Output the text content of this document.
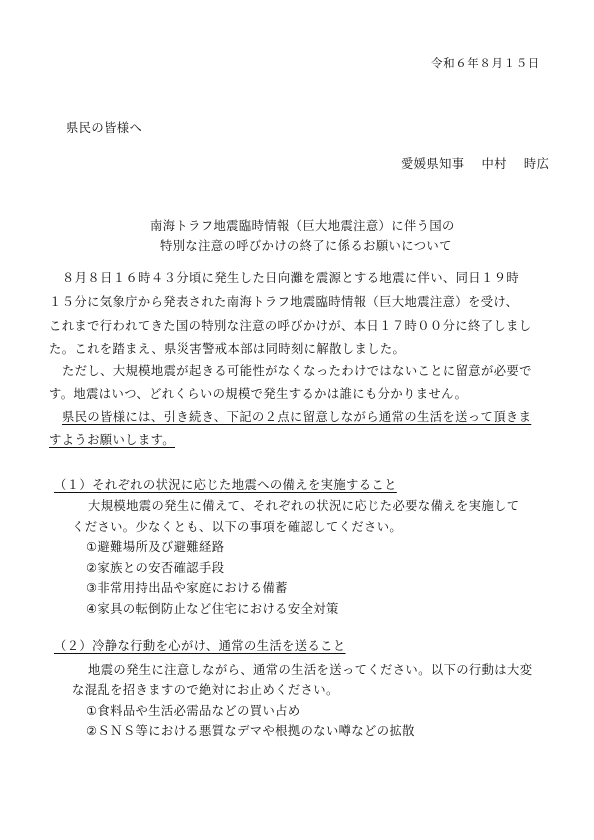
令和６年８月１５日
県民の皆様へ
愛媛県知事　 中村 　時広
南海トラフ地震臨時情報（巨大地震注意）に伴う国の
特別な注意の呼びかけの終了に係るお願いについて
８月８日１６時４３分頃に発生した日向灘を震源とする地震に伴い、同日１９時
１５分に気象庁から発表された南海トラフ地震臨時情報（巨大地震注意）を受け、
これまで行われてきた国の特別な注意の呼びかけが、本日１７時００分に終了しまし
た。これを踏まえ、県災害警戒本部は同時刻に解散しました。
ただし、大規模地震が起きる可能性がなくなったわけではないことに留意が必要で
す。地震はいつ、どれくらいの規模で発生するかは誰にも分かりません。
県民の皆様には、引き続き、下記の２点に留意しながら通常の生活を送って頂きま
すようお願いします。
（１）それぞれの状況に応じた地震への備えを実施すること
大規模地震の発生に備えて、それぞれの状況に応じた必要な備えを実施して
ください。少なくとも、以下の事項を確認してください。
①避難場所及び避難経路
②家族との安否確認手段
③非常用持出品や家庭における備蓄
④家具の転倒防止など住宅における安全対策
（２）冷静な行動を心がけ、通常の生活を送ること
地震の発生に注意しながら、通常の生活を送ってください。以下の行動は大変
な混乱を招きますので絶対にお止めください。
①食料品や生活必需品などの買い占め
②ＳＮＳ等における悪質なデマや根拠のない噂などの拡散
